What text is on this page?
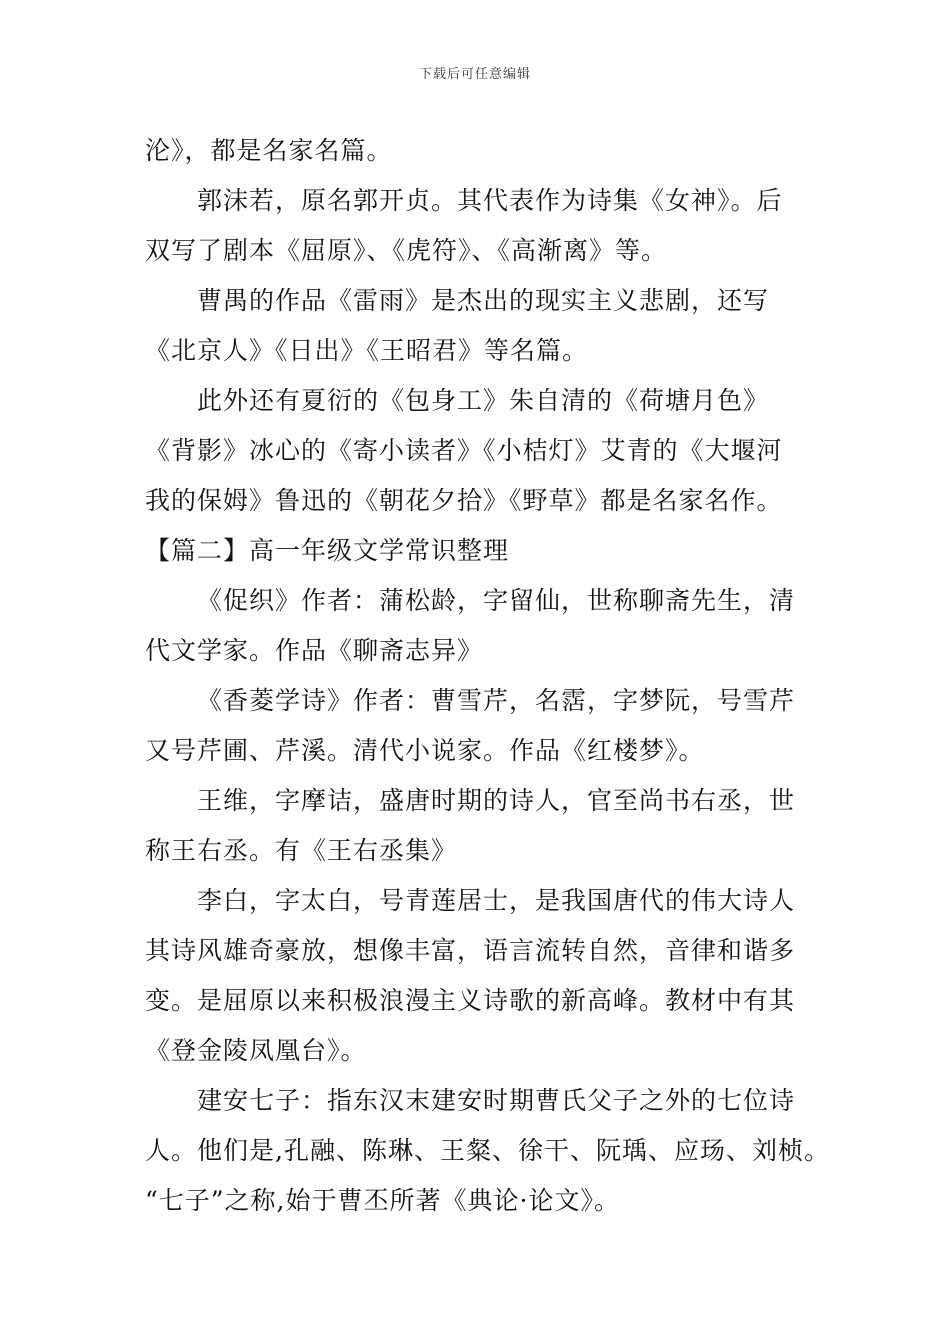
下载后可任意编辑
沦》，都是名家名篇。
郭沫若，原名郭开贞。其代表作为诗集《女神》。后
双写了剧本《屈原》、《虎符》、《高渐离》等。
曹禺的作品《雷雨》是杰出的现实主义悲剧，还写
《北京人》《日出》《王昭君》等名篇。
此外还有夏衍的《包身工》朱自清的《荷塘月色》
《背影》冰心的《寄小读者》《小桔灯》艾青的《大堰河
我的保姆》鲁迅的《朝花夕拾》《野草》都是名家名作。
【篇二】高一年级文学常识整理
《促织》作者：蒲松龄，字留仙，世称聊斋先生，清
代文学家。作品《聊斋志异》
《香菱学诗》作者：曹雪芹，名霑，字梦阮，号雪芹
又号芹圃、芹溪。清代小说家。作品《红楼梦》。
王维，字摩诘，盛唐时期的诗人，官至尚书右丞，世
称王右丞。有《王右丞集》
李白，字太白，号青莲居士，是我国唐代的伟大诗人
其诗风雄奇豪放，想像丰富，语言流转自然，音律和谐多
变。是屈原以来积极浪漫主义诗歌的新高峰。教材中有其
《登金陵凤凰台》。
建安七子：指东汉末建安时期曹氏父子之外的七位诗
人。他们是,孔融、陈琳、王粲、徐干、阮瑀、应玚、刘桢。
“七子”之称,始于曹丕所著《典论·论文》。
